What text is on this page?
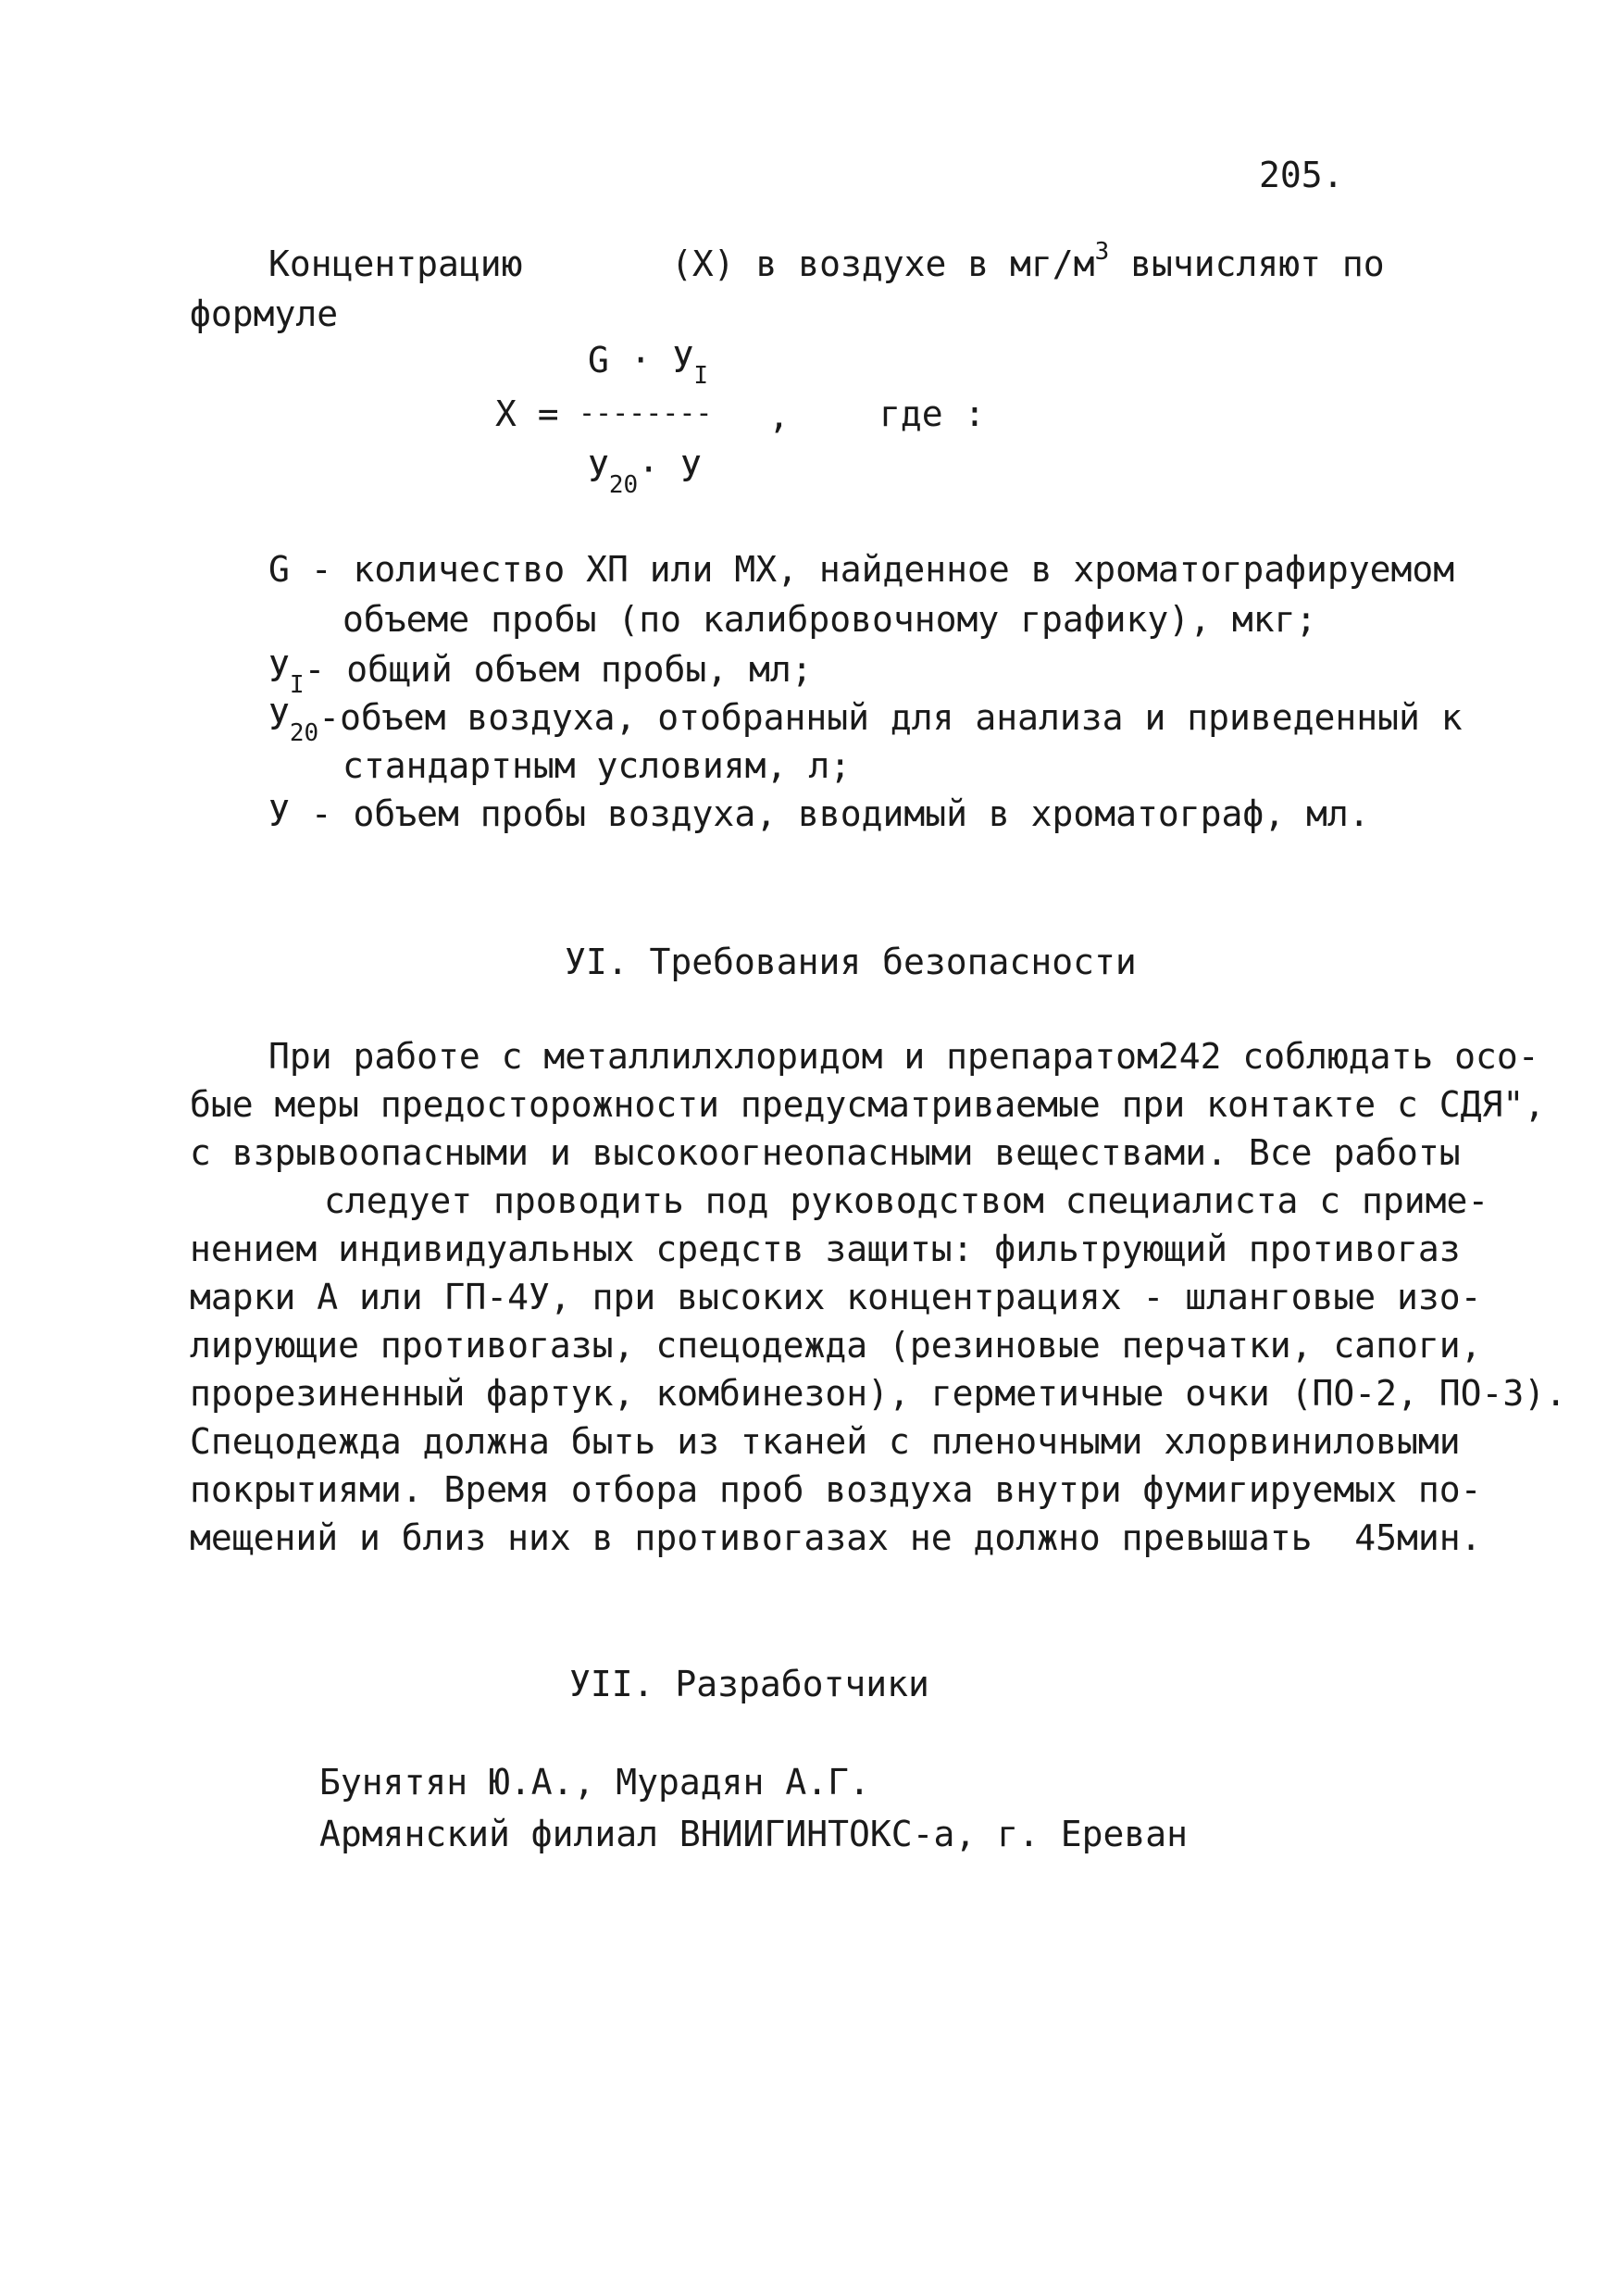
205.
Концентрацию	(X) в воздухе в $мг/м^3$ вычисляют по
формуле
$G \cdot У_I$
X = -------- ,	где :
$У_{20}\cdot У$
G - количество ХП или МХ, найденное в хроматографируемом
объеме пробы (по калибровочному графику), мкг;
$У_I-$ общий объем пробы, мл;
$У_{20}$-объем воздуха, отобранный для анализа и приведенный к
стандартным условиям, л;
У - объем пробы воздуха, вводимый в хроматограф, мл.
УI. Требования безопасности
При работе с металлилхлоридом и препаратом242 соблюдать осо-
бые меры предосторожности предусматриваемые при контакте с СДЯ",
с взрывоопасными и высокоогнеопасными веществами. Все работы
следует проводить под руководством специалиста с приме-
нением индивидуальных средств защиты: фильтрующий противогаз
марки А или ГП-4У, при высоких концентрациях - шланговые изо-
лирующие противогазы, спецодежда (резиновые перчатки, сапоги,
прорезиненный фартук, комбинезон), герметичные очки (ПО-2, ПО-3).
Спецодежда должна быть из тканей с пленочными хлорвиниловыми
покрытиями. Время отбора проб воздуха внутри фумигируемых по-
мещений и близ них в противогазах не должно превышать  45мин.
УII. Разработчики
Бунятян Ю.А., Мурадян А.Г.
Армянский филиал ВНИИГИНТОКС-а, г. Ереван
